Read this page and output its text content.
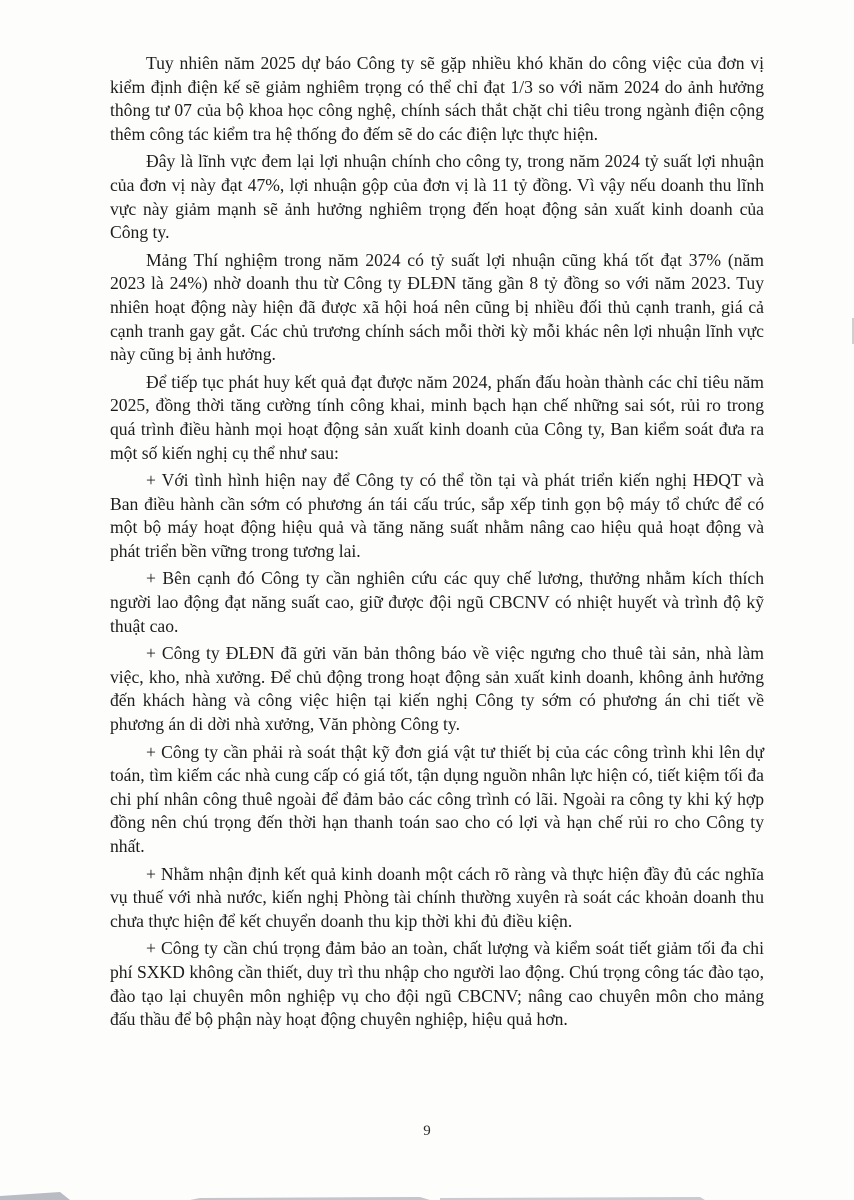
Tuy nhiên năm 2025 dự báo Công ty sẽ gặp nhiều khó khăn do công việc của đơn vị kiểm định điện kế sẽ giảm nghiêm trọng có thể chỉ đạt 1/3 so với năm 2024 do ảnh hưởng thông tư 07 của bộ khoa học công nghệ, chính sách thắt chặt chi tiêu trong ngành điện cộng thêm công tác kiểm tra hệ thống đo đếm sẽ do các điện lực thực hiện.

Đây là lĩnh vực đem lại lợi nhuận chính cho công ty, trong năm 2024 tỷ suất lợi nhuận của đơn vị này đạt 47%, lợi nhuận gộp của đơn vị là 11 tỷ đồng. Vì vậy nếu doanh thu lĩnh vực này giảm mạnh sẽ ảnh hưởng nghiêm trọng đến hoạt động sản xuất kinh doanh của Công ty.

Mảng Thí nghiệm trong năm 2024 có tỷ suất lợi nhuận cũng khá tốt đạt 37% (năm 2023 là 24%) nhờ doanh thu từ Công ty ĐLĐN tăng gần 8 tỷ đồng so với năm 2023. Tuy nhiên hoạt động này hiện đã được xã hội hoá nên cũng bị nhiều đối thủ cạnh tranh, giá cả cạnh tranh gay gắt. Các chủ trương chính sách mỗi thời kỳ mỗi khác nên lợi nhuận lĩnh vực này cũng bị ảnh hưởng.

Để tiếp tục phát huy kết quả đạt được năm 2024, phấn đấu hoàn thành các chỉ tiêu năm 2025, đồng thời tăng cường tính công khai, minh bạch hạn chế những sai sót, rủi ro trong quá trình điều hành mọi hoạt động sản xuất kinh doanh của Công ty, Ban kiểm soát đưa ra một số kiến nghị cụ thể như sau:

+ Với tình hình hiện nay để Công ty có thể tồn tại và phát triển kiến nghị HĐQT và Ban điều hành cần sớm có phương án tái cấu trúc, sắp xếp tinh gọn bộ máy tổ chức để có một bộ máy hoạt động hiệu quả và tăng năng suất nhằm nâng cao hiệu quả hoạt động và phát triển bền vững trong tương lai.

+ Bên cạnh đó Công ty cần nghiên cứu các quy chế lương, thưởng nhằm kích thích người lao động đạt năng suất cao, giữ được đội ngũ CBCNV có nhiệt huyết và trình độ kỹ thuật cao.

+ Công ty ĐLĐN đã gửi văn bản thông báo về việc ngưng cho thuê tài sản, nhà làm việc, kho, nhà xưởng. Để chủ động trong hoạt động sản xuất kinh doanh, không ảnh hưởng đến khách hàng và công việc hiện tại kiến nghị Công ty sớm có phương án chi tiết về phương án di dời nhà xưởng, Văn phòng Công ty.

+ Công ty cần phải rà soát thật kỹ đơn giá vật tư thiết bị của các công trình khi lên dự toán, tìm kiếm các nhà cung cấp có giá tốt, tận dụng nguồn nhân lực hiện có, tiết kiệm tối đa chi phí nhân công thuê ngoài để đảm bảo các công trình có lãi. Ngoài ra công ty khi ký hợp đồng nên chú trọng đến thời hạn thanh toán sao cho có lợi và hạn chế rủi ro cho Công ty nhất.

+ Nhằm nhận định kết quả kinh doanh một cách rõ ràng và thực hiện đầy đủ các nghĩa vụ thuế với nhà nước, kiến nghị Phòng tài chính thường xuyên rà soát các khoản doanh thu chưa thực hiện để kết chuyển doanh thu kịp thời khi đủ điều kiện.

+ Công ty cần chú trọng đảm bảo an toàn, chất lượng và kiểm soát tiết giảm tối đa chi phí SXKD không cần thiết, duy trì thu nhập cho người lao động. Chú trọng công tác đào tạo, đào tạo lại chuyên môn nghiệp vụ cho đội ngũ CBCNV; nâng cao chuyên môn cho mảng đấu thầu để bộ phận này hoạt động chuyên nghiệp, hiệu quả hơn.

9
